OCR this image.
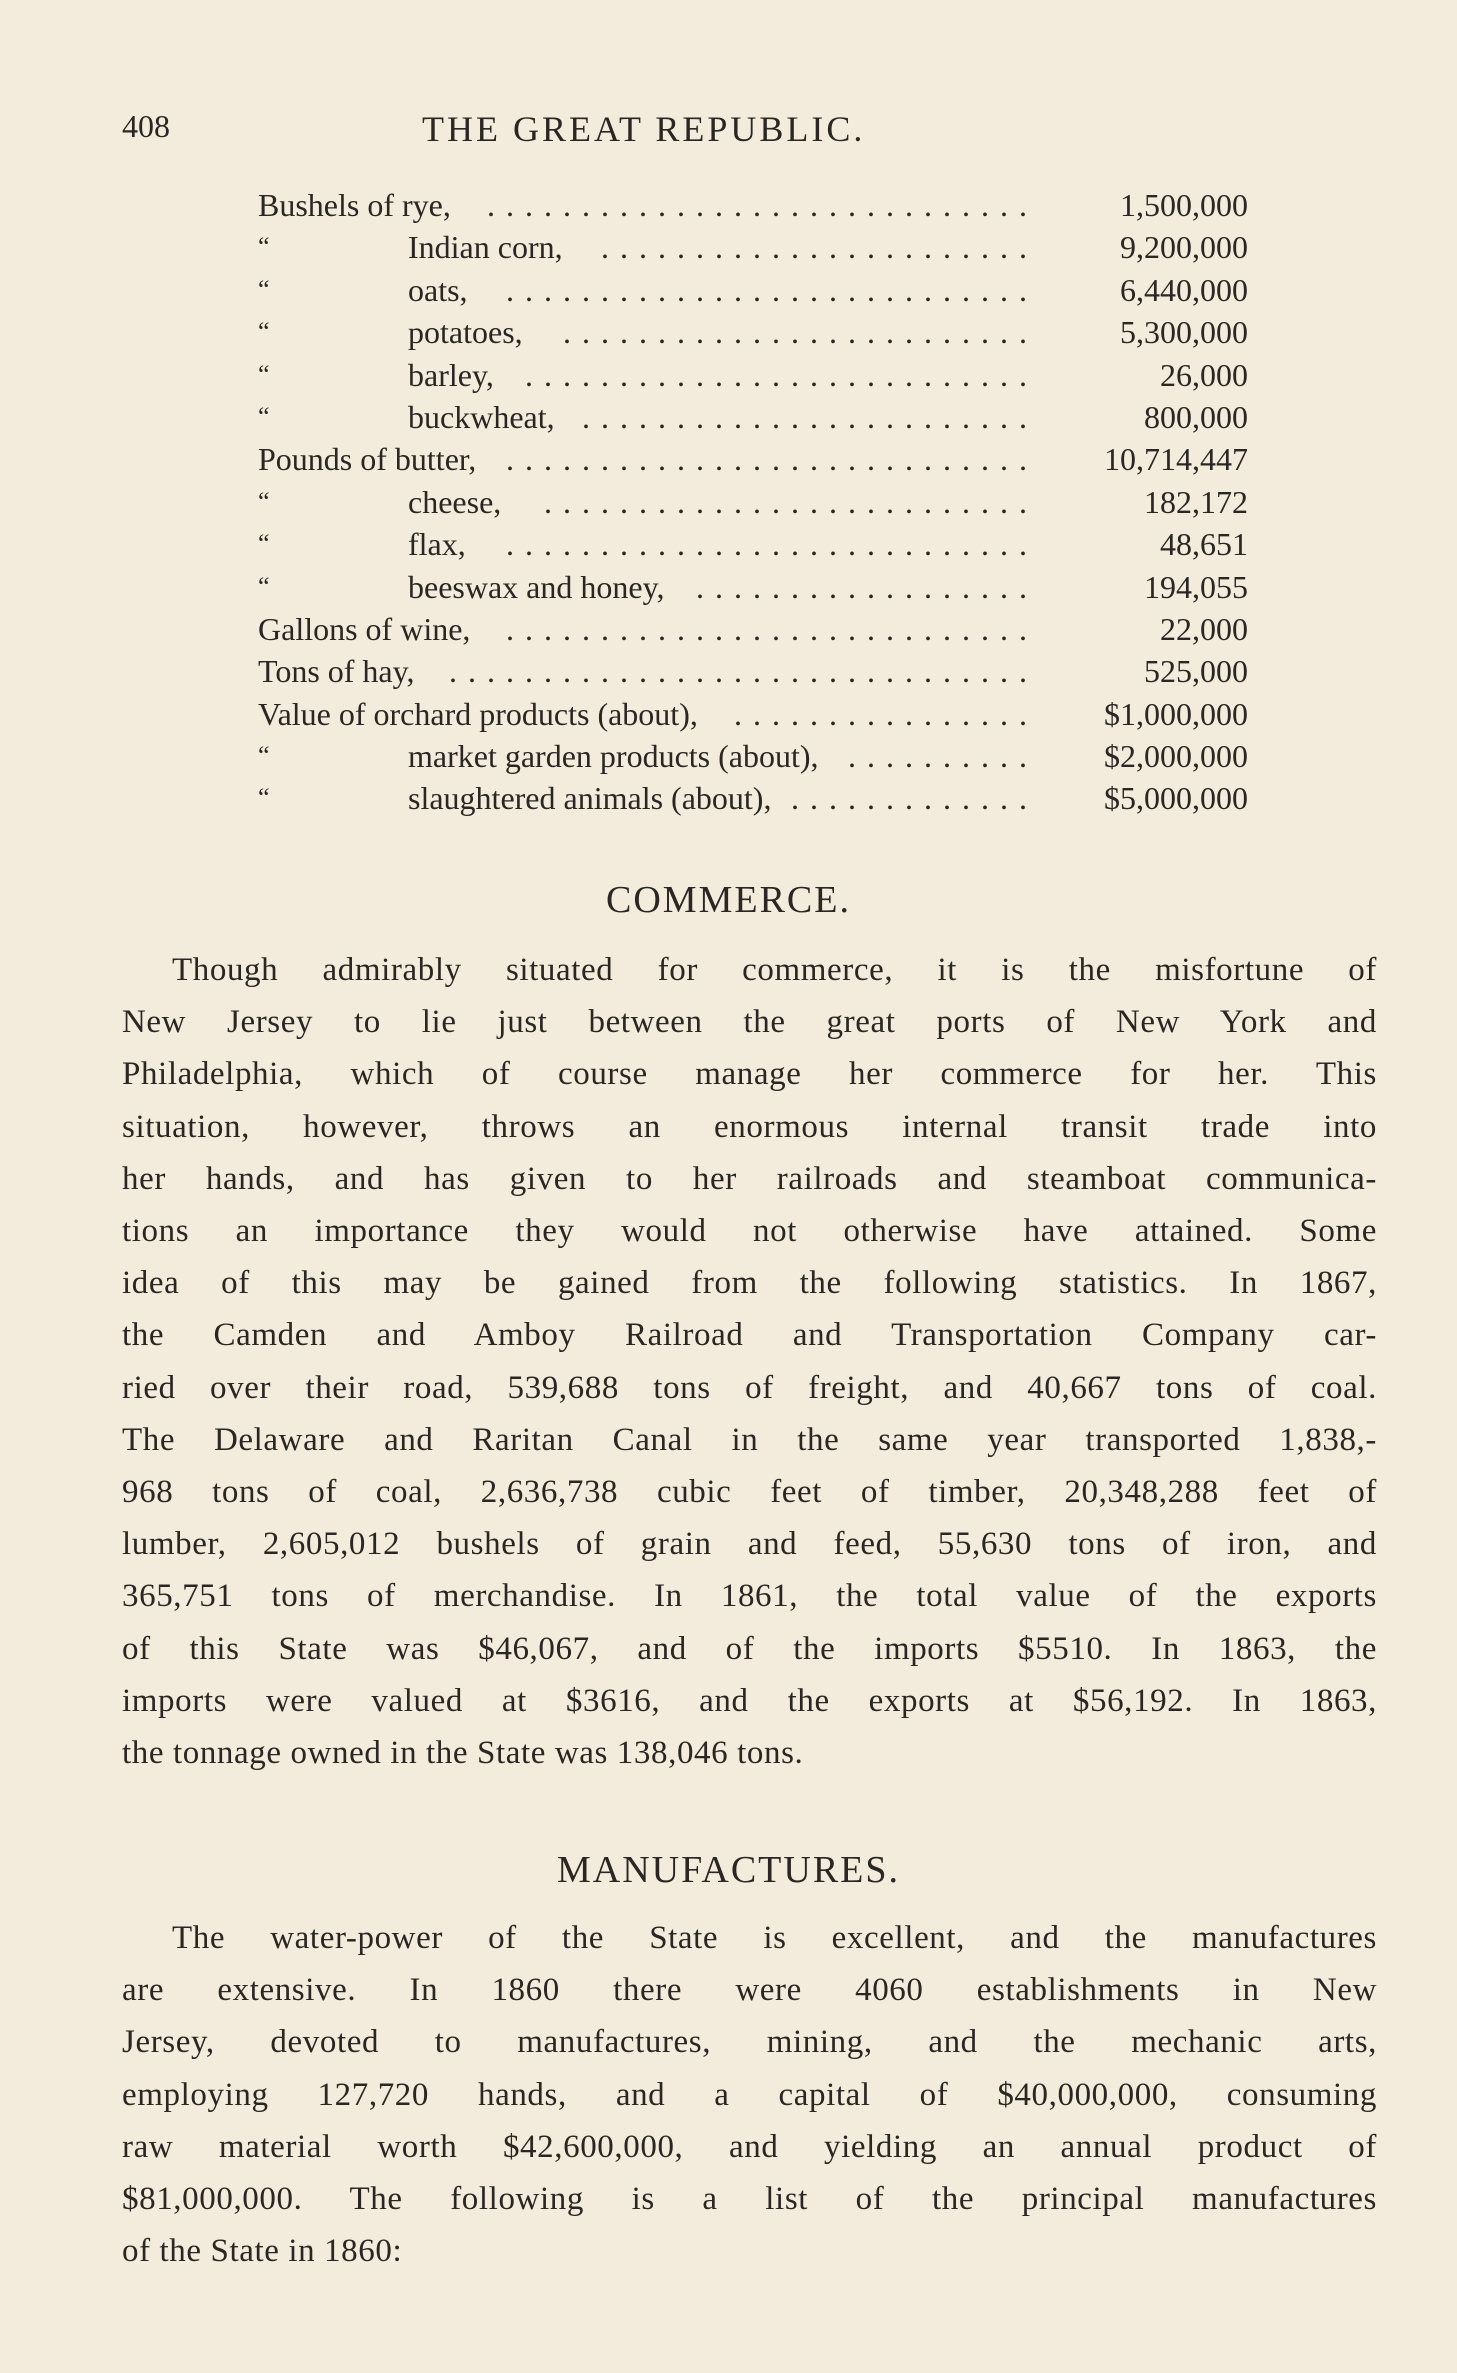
408	THE GREAT REPUBLIC.
Bushels of rye, .............................	1,500,000
“	Indian corn, .......................	9,200,000
“	oats, ............................	6,440,000
“	potatoes, .........................	5,300,000
“	barley, ...........................	26,000
“	buckwheat, ........................	800,000
Pounds of butter, ............................	10,714,447
“	cheese, ..........................	182,172
“	flax, ............................	48,651
“	beeswax and honey, ..................	194,055
Gallons of wine, ............................	22,000
Tons of hay, ...............................	525,000
Value of orchard products (about), ................	$1,000,000
“	market garden products (about), ..........	$2,000,000
“	slaughtered animals (about), .............	$5,000,000
COMMERCE.
Though admirably situated for commerce, it is the misfortune of
New Jersey to lie just between the great ports of New York and
Philadelphia, which of course manage her commerce for her. This
situation, however, throws an enormous internal transit trade into
her hands, and has given to her railroads and steamboat communica-
tions an importance they would not otherwise have attained. Some
idea of this may be gained from the following statistics. In 1867,
the Camden and Amboy Railroad and Transportation Company car-
ried over their road, 539,688 tons of freight, and 40,667 tons of coal.
The Delaware and Raritan Canal in the same year transported 1,838,-
968 tons of coal, 2,636,738 cubic feet of timber, 20,348,288 feet of
lumber, 2,605,012 bushels of grain and feed, 55,630 tons of iron, and
365,751 tons of merchandise. In 1861, the total value of the exports
of this State was $46,067, and of the imports $5510. In 1863, the
imports were valued at $3616, and the exports at $56,192. In 1863,
the tonnage owned in the State was 138,046 tons.
MANUFACTURES.
The water-power of the State is excellent, and the manufactures
are extensive. In 1860 there were 4060 establishments in New
Jersey, devoted to manufactures, mining, and the mechanic arts,
employing 127,720 hands, and a capital of $40,000,000, consuming
raw material worth $42,600,000, and yielding an annual product of
$81,000,000. The following is a list of the principal manufactures
of the State in 1860:
